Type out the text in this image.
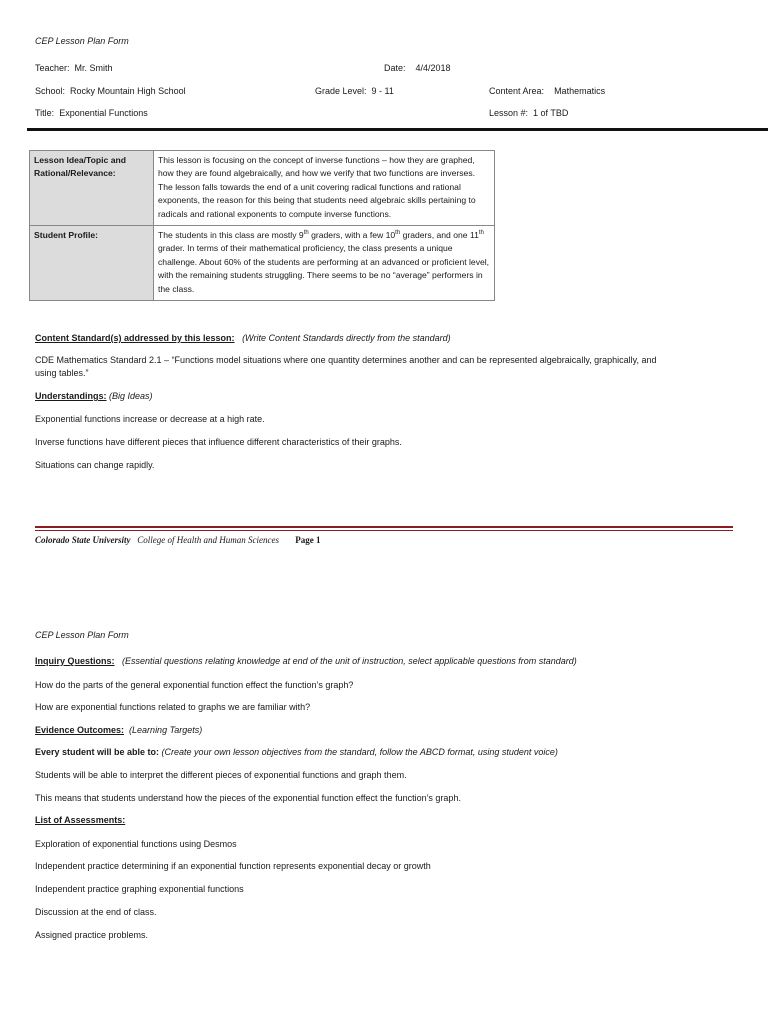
CEP Lesson Plan Form
Teacher: Mr. Smith	Date: 4/4/2018
School: Rocky Mountain High School	Grade Level: 9 - 11	Content Area: Mathematics
Title: Exponential Functions	Lesson #: 1 of TBD
Lesson Idea/Topic and Rational/Relevance:	This lesson is focusing on the concept of inverse functions – how they are graphed, how they are found algebraically, and how we verify that two functions are inverses. The lesson falls towards the end of a unit covering radical functions and rational exponents, the reason for this being that students need algebraic skills pertaining to radicals and rational exponents to compute inverse functions.
Student Profile:	The students in this class are mostly 9th graders, with a few 10th graders, and one 11th grader. In terms of their mathematical proficiency, the class presents a unique challenge. About 60% of the students are performing at an advanced or proficient level, with the remaining students struggling. There seems to be no “average” performers in the class.
Content Standard(s) addressed by this lesson: (Write Content Standards directly from the standard)
CDE Mathematics Standard 2.1 – “Functions model situations where one quantity determines another and can be represented algebraically, graphically, and
using tables.”
Understandings: (Big Ideas)
Exponential functions increase or decrease at a high rate.
Inverse functions have different pieces that influence different characteristics of their graphs.
Situations can change rapidly.
Colorado State University College of Health and Human Sciences Page 1
CEP Lesson Plan Form
Inquiry Questions: (Essential questions relating knowledge at end of the unit of instruction, select applicable questions from standard)
How do the parts of the general exponential function effect the function’s graph?
How are exponential functions related to graphs we are familiar with?
Evidence Outcomes: (Learning Targets)
Every student will be able to: (Create your own lesson objectives from the standard, follow the ABCD format, using student voice)
Students will be able to interpret the different pieces of exponential functions and graph them.
This means that students understand how the pieces of the exponential function effect the function’s graph.
List of Assessments:
Exploration of exponential functions using Desmos
Independent practice determining if an exponential function represents exponential decay or growth
Independent practice graphing exponential functions
Discussion at the end of class.
Assigned practice problems.
